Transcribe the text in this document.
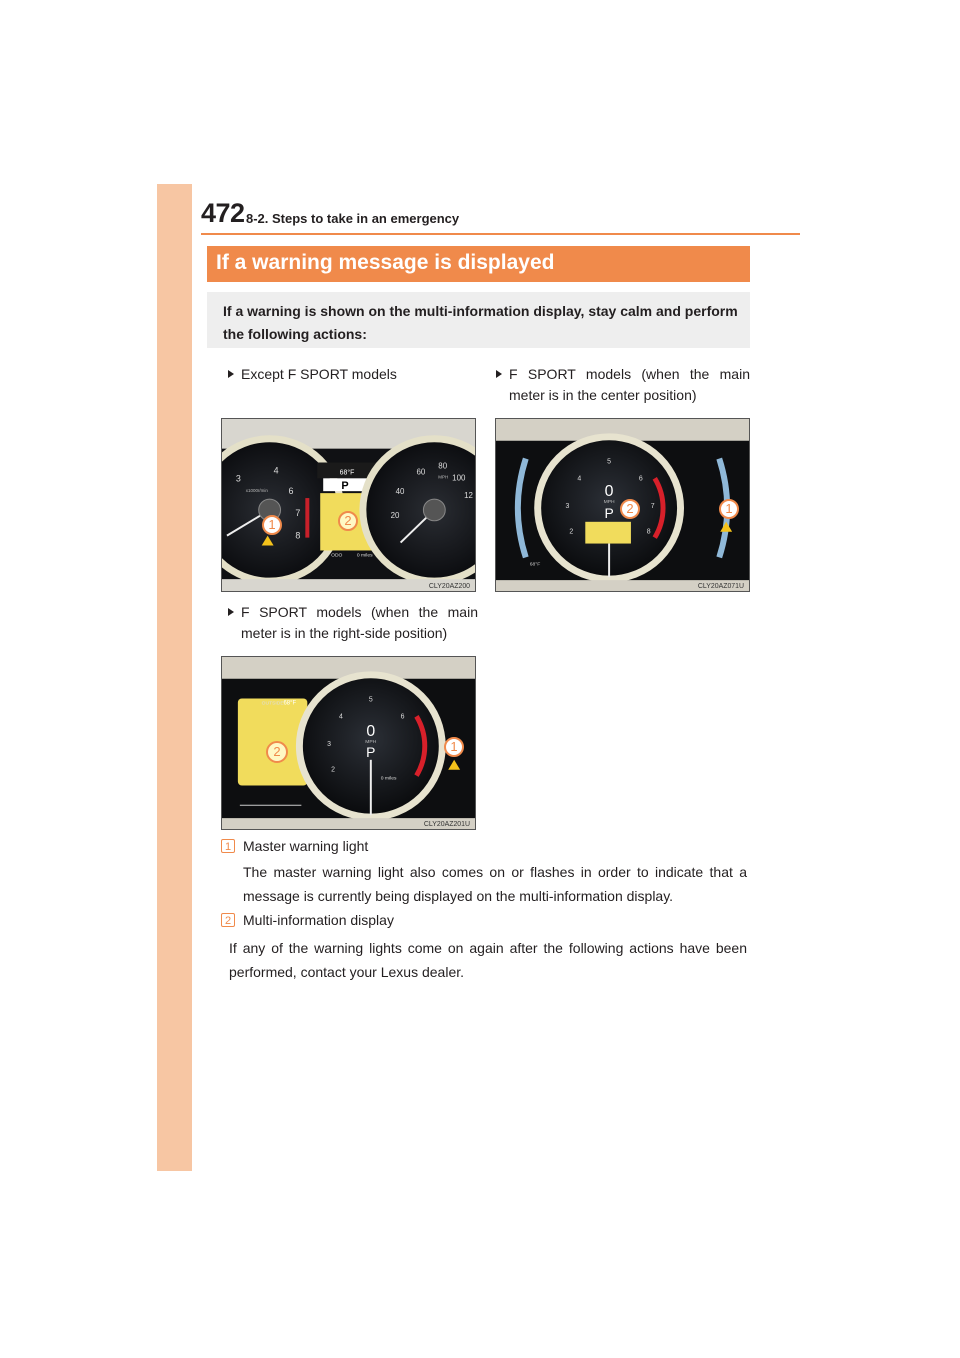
472 8-2. Steps to take in an emergency
If a warning message is displayed
If a warning is shown on the multi-information display, stay calm and perform the following actions:
Except F SPORT models	F SPORT models (when the main meter is in the center position)
3
4
6
7
8
x1000r/min
68°F
P
ODO	0 miles
60
80
100
40
20
12
MPH
CLY20AZ200
1	2
0
MPH
P
5
4	6
3	7
2	8
68°F
CLY20AZ071U
2	1
F SPORT models (when the main meter is in the right-side position)
OUTSIDE 68°F
0
MPH
P
0 miles
5
4	6
3
2
CLY20AZ201U
2	1
1 Master warning light
The master warning light also comes on or flashes in order to indicate that a message is currently being displayed on the multi-information display.
2 Multi-information display
If any of the warning lights come on again after the following actions have been performed, contact your Lexus dealer.
